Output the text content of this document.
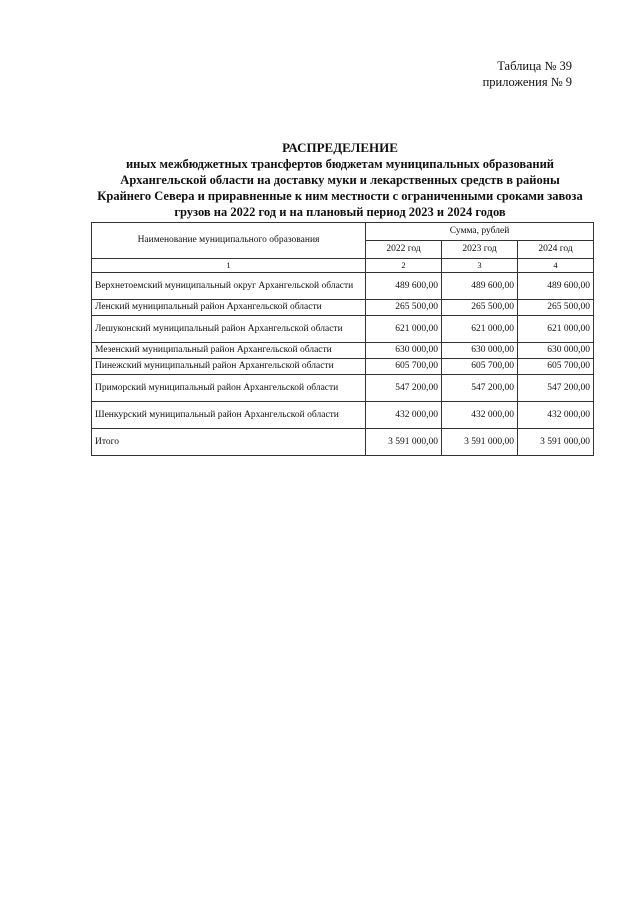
Таблица № 39
приложения № 9
РАСПРЕДЕЛЕНИЕ
иных межбюджетных трансфертов бюджетам муниципальных образований
Архангельской области на доставку муки и лекарственных средств в районы
Крайнего Севера и приравненные к ним местности с ограниченными сроками завоза
грузов на 2022 год и на плановый период 2023 и 2024 годов
Наименование муниципального образования	Сумма, рублей		
	2022 год	2023 год	2024 год
1	2	3	4
Верхнетоемский муниципальный округ Архангельской области	489 600,00	489 600,00	489 600,00
Ленский муниципальный район Архангельской области	265 500,00	265 500,00	265 500,00
Лешуконский муниципальный район Архангельской области	621 000,00	621 000,00	621 000,00
Мезенский муниципальный район Архангельской области	630 000,00	630 000,00	630 000,00
Пинежский муниципальный район Архангельской области	605 700,00	605 700,00	605 700,00
Приморский муниципальный район Архангельской области	547 200,00	547 200,00	547 200,00
Шенкурский муниципальный район Архангельской области	432 000,00	432 000,00	432 000,00
Итого	3 591 000,00	3 591 000,00	3 591 000,00
